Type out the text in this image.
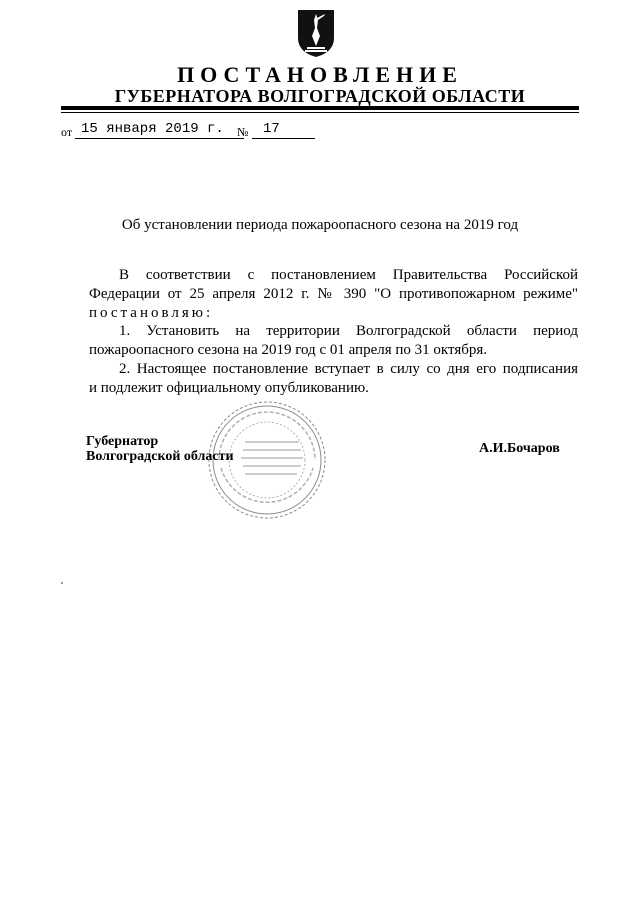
ПОСТАНОВЛЕНИЕ
ГУБЕРНАТОРА ВОЛГОГРАДСКОЙ ОБЛАСТИ
от 15 января 2019 г. № 17
Об установлении периода пожароопасного сезона на 2019 год
В соответствии с постановлением Правительства Российской
Федерации от 25 апреля 2012 г. № 390 "О противопожарном режиме"
постановляю:
1. Установить на территории Волгоградской области период
пожароопасного сезона на 2019 год с 01 апреля по 31 октября.
2. Настоящее постановление вступает в силу со дня его подписания
и подлежит официальному опубликованию.
Губернатор
Волгоградской области
А.И.Бочаров
